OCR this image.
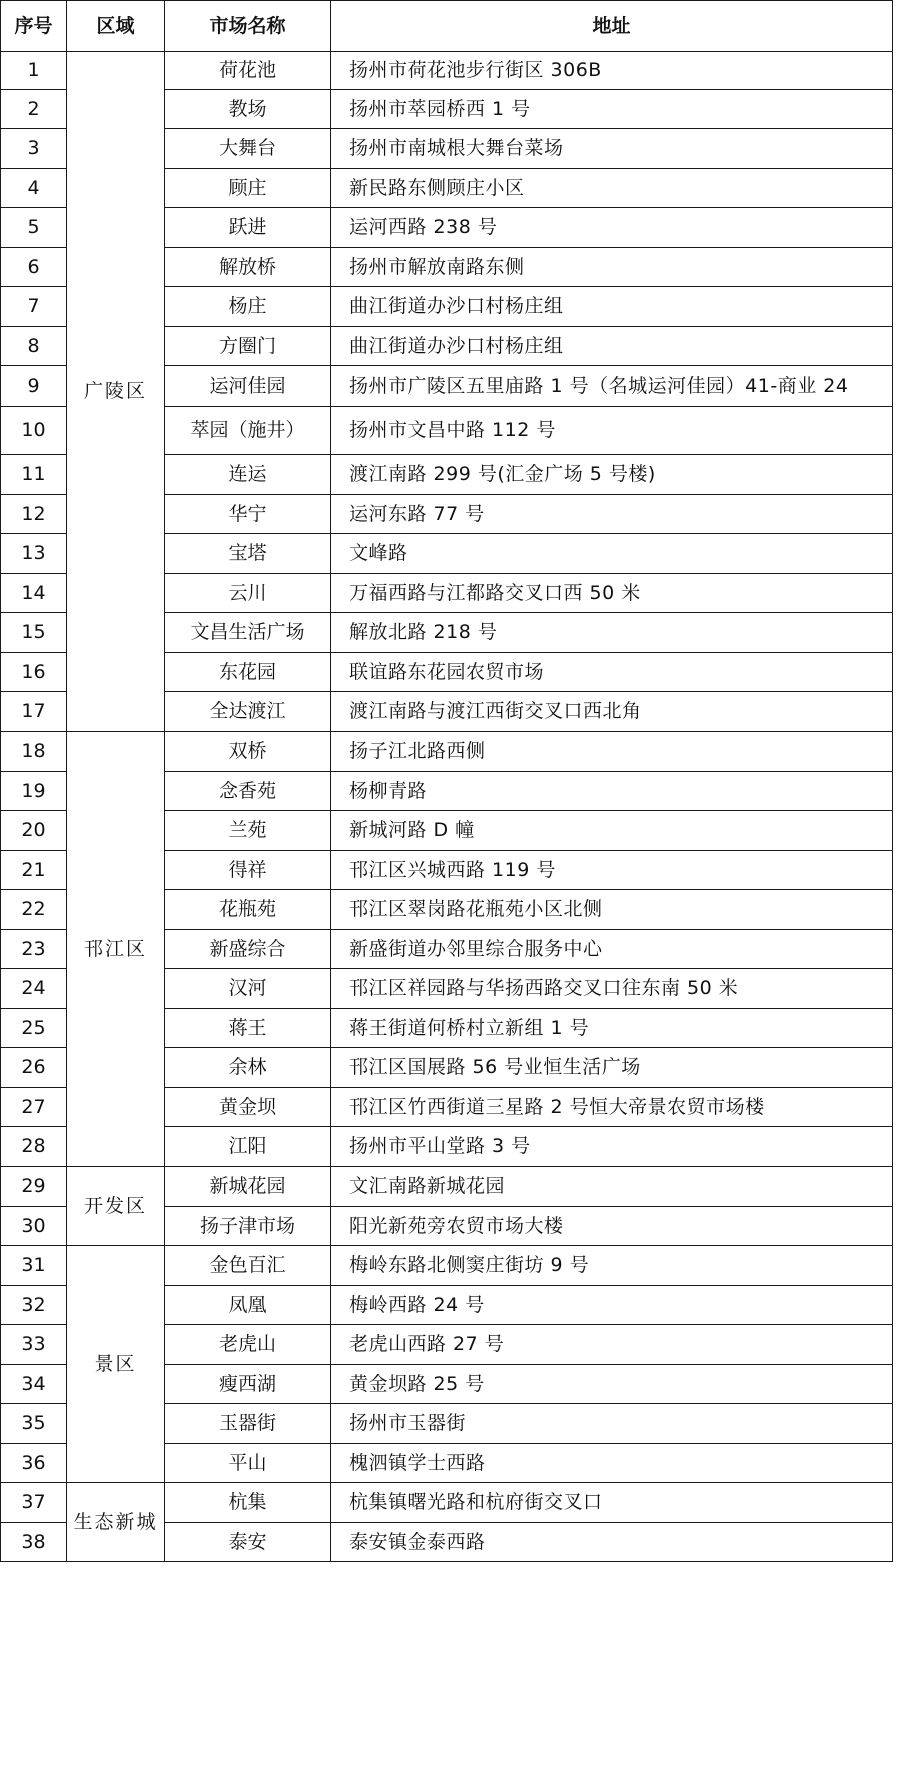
序号	区域	市场名称	地址
1	广陵区	荷花池	扬州市荷花池步行街区 306B
2		教场	扬州市萃园桥西 1 号
3		大舞台	扬州市南城根大舞台菜场
4		顾庄	新民路东侧顾庄小区
5		跃进	运河西路 238 号
6		解放桥	扬州市解放南路东侧
7		杨庄	曲江街道办沙口村杨庄组
8		方圈门	曲江街道办沙口村杨庄组
9		运河佳园	扬州市广陵区五里庙路 1 号（名城运河佳园）41-商业 24
10		萃园（施井）	扬州市文昌中路 112 号
11		连运	渡江南路 299 号(汇金广场 5 号楼)
12		华宁	运河东路 77 号
13		宝塔	文峰路
14		云川	万福西路与江都路交叉口西 50 米
15		文昌生活广场	解放北路 218 号
16		东花园	联谊路东花园农贸市场
17		全达渡江	渡江南路与渡江西街交叉口西北角
18	邗江区	双桥	扬子江北路西侧
19		念香苑	杨柳青路
20		兰苑	新城河路 D 幢
21		得祥	邗江区兴城西路 119 号
22		花瓶苑	邗江区翠岗路花瓶苑小区北侧
23		新盛综合	新盛街道办邻里综合服务中心
24		汉河	邗江区祥园路与华扬西路交叉口往东南 50 米
25		蒋王	蒋王街道何桥村立新组 1 号
26		余林	邗江区国展路 56 号业恒生活广场
27		黄金坝	邗江区竹西街道三星路 2 号恒大帝景农贸市场楼
28		江阳	扬州市平山堂路 3 号
29	开发区	新城花园	文汇南路新城花园
30		扬子津市场	阳光新苑旁农贸市场大楼
31	景区	金色百汇	梅岭东路北侧窦庄街坊 9 号
32		凤凰	梅岭西路 24 号
33		老虎山	老虎山西路 27 号
34		瘦西湖	黄金坝路 25 号
35		玉器街	扬州市玉器街
36		平山	槐泗镇学士西路
37	生态新城	杭集	杭集镇曙光路和杭府街交叉口
38		泰安	泰安镇金泰西路
